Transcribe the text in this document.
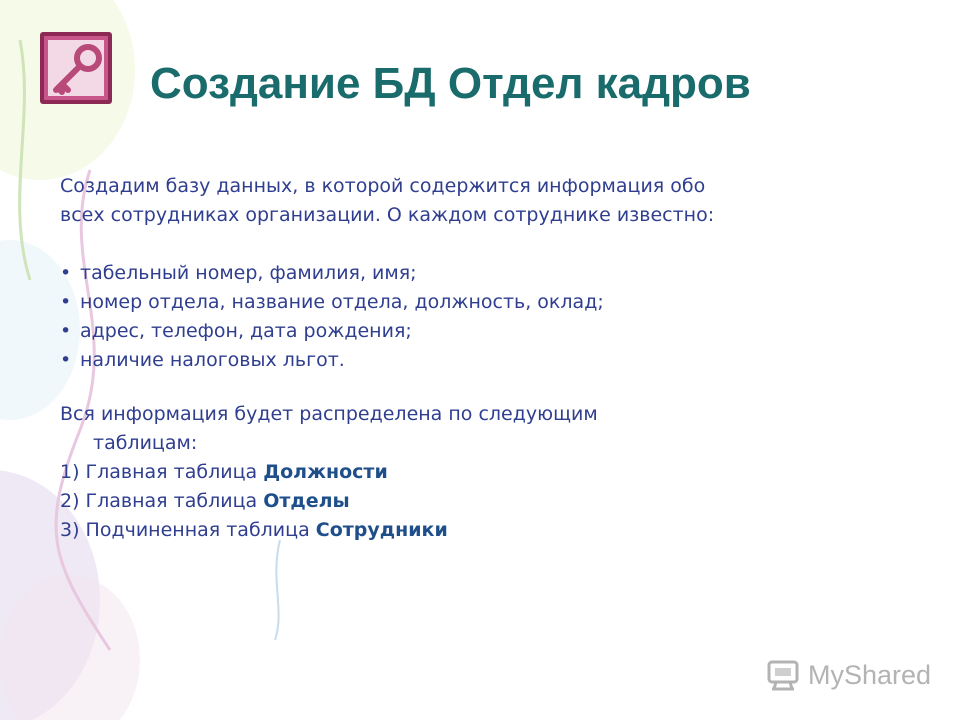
Создание БД Отдел кадров

Создадим базу данных, в которой содержится информация обо

всех сотрудниках организации. О каждом сотруднике известно:

• табельный номер, фамилия, имя;
• номер отдела, название отдела, должность, оклад;
• адрес, телефон, дата рождения;
• наличие налоговых льгот.

Вся информация будет распределена по следующим

таблицам:

1) Главная таблица Должности

2) Главная таблица Отделы

3) Подчиненная таблица Сотрудники

MyShared
